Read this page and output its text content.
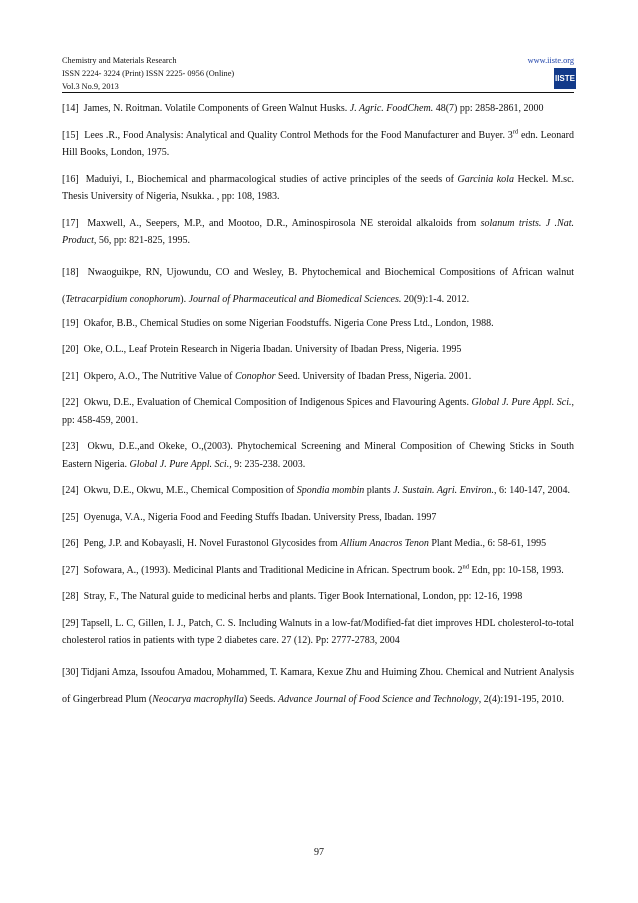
Chemistry and Materials Research	www.iiste.org
ISSN 2224- 3224 (Print) ISSN 2225- 0956 (Online)
Vol.3 No.9, 2013
IISTE

[14] James, N. Roitman. Volatile Components of Green Walnut Husks. J. Agric. FoodChem. 48(7) pp: 2858-2861, 2000

[15] Lees .R., Food Analysis: Analytical and Quality Control Methods for the Food Manufacturer and Buyer. 3rd edn. Leonard Hill Books, London, 1975.

[16] Maduiyi, I., Biochemical and pharmacological studies of active principles of the seeds of Garcinia kola Heckel. M.sc. Thesis University of Nigeria, Nsukka. , pp: 108, 1983.

[17] Maxwell, A., Seepers, M.P., and Mootoo, D.R., Aminospirosola NE steroidal alkaloids from solanum trists. J .Nat. Product, 56, pp: 821-825, 1995.

[18] Nwaoguikpe, RN, Ujowundu, CO and Wesley, B. Phytochemical and Biochemical Compositions of African walnut (Tetracarpidium conophorum). Journal of Pharmaceutical and Biomedical Sciences. 20(9):1-4. 2012.

[19] Okafor, B.B., Chemical Studies on some Nigerian Foodstuffs. Nigeria Cone Press Ltd., London, 1988.

[20] Oke, O.L., Leaf Protein Research in Nigeria Ibadan. University of Ibadan Press, Nigeria. 1995

[21] Okpero, A.O., The Nutritive Value of Conophor Seed. University of Ibadan Press, Nigeria. 2001.

[22] Okwu, D.E., Evaluation of Chemical Composition of Indigenous Spices and Flavouring Agents. Global J. Pure Appl. Sci., pp: 458-459, 2001.

[23] Okwu, D.E.,and Okeke, O.,(2003). Phytochemical Screening and Mineral Composition of Chewing Sticks in South Eastern Nigeria. Global J. Pure Appl. Sci., 9: 235-238. 2003.

[24] Okwu, D.E., Okwu, M.E., Chemical Composition of Spondia mombin plants J. Sustain. Agri. Environ., 6: 140-147, 2004.

[25] Oyenuga, V.A., Nigeria Food and Feeding Stuffs Ibadan. University Press, Ibadan. 1997

[26] Peng, J.P. and Kobayasli, H. Novel Furastonol Glycosides from Allium Anacros Tenon Plant Media., 6: 58-61, 1995

[27] Sofowara, A., (1993). Medicinal Plants and Traditional Medicine in African. Spectrum book. 2nd Edn, pp: 10-158, 1993.

[28] Stray, F., The Natural guide to medicinal herbs and plants. Tiger Book International, London, pp: 12-16, 1998

[29] Tapsell, L. C, Gillen, I. J., Patch, C. S. Including Walnuts in a low-fat/Modified-fat diet improves HDL cholesterol-to-total cholesterol ratios in patients with type 2 diabetes care. 27 (12). Pp: 2777-2783, 2004

[30] Tidjani Amza, Issoufou Amadou, Mohammed, T. Kamara, Kexue Zhu and Huiming Zhou. Chemical and Nutrient Analysis of Gingerbread Plum (Neocarya macrophylla) Seeds. Advance Journal of Food Science and Technology, 2(4):191-195, 2010.

97
